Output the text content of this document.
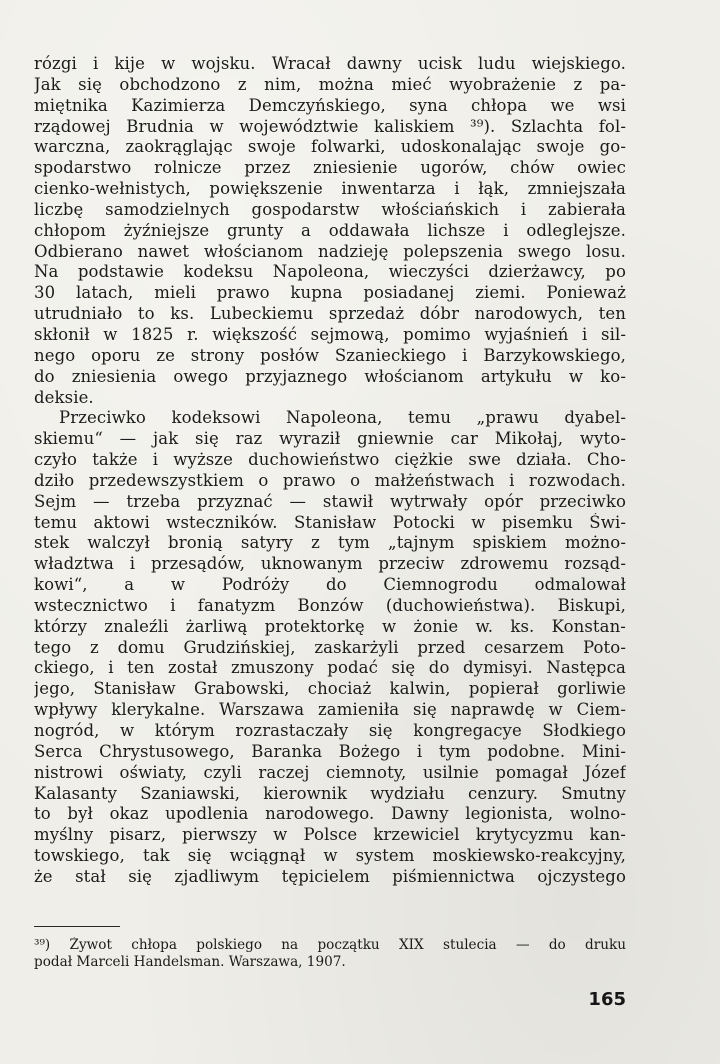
rózgi i kije w wojsku. Wracał dawny ucisk ludu wiejskiego.
Jak się obchodzono z nim, można mieć wyobrażenie z pa-
miętnika Kazimierza Demczyńskiego, syna chłopa we wsi
rządowej Brudnia w województwie kaliskiem ³⁹). Szlachta fol-
warczna, zaokrąglając swoje folwarki, udoskonalając swoje go-
spodarstwo rolnicze przez zniesienie ugorów, chów owiec
cienko-wełnistych, powiększenie inwentarza i łąk, zmniejszała
liczbę samodzielnych gospodarstw włościańskich i zabierała
chłopom żyźniejsze grunty a oddawała lichsze i odleglejsze.
Odbierano nawet włościanom nadzieję polepszenia swego losu.
Na podstawie kodeksu Napoleona, wieczyści dzierżawcy, po
30 latach, mieli prawo kupna posiadanej ziemi. Ponieważ
utrudniało to ks. Lubeckiemu sprzedaż dóbr narodowych, ten
skłonił w 1825 r. większość sejmową, pomimo wyjaśnień i sil-
nego oporu ze strony posłów Szanieckiego i Barzykowskiego,
do zniesienia owego przyjaznego włościanom artykułu w ko-
deksie.
Przeciwko kodeksowi Napoleona, temu „prawu dyabel-
skiemu“ — jak się raz wyraził gniewnie car Mikołaj, wyto-
czyło także i wyższe duchowieństwo ciężkie swe działa. Cho-
dziło przedewszystkiem o prawo o małżeństwach i rozwodach.
Sejm — trzeba przyznać — stawił wytrwały opór przeciwko
temu aktowi wsteczników. Stanisław Potocki w pisemku Świ-
stek walczył bronią satyry z tym „tajnym spiskiem możno-
władztwa i przesądów, uknowanym przeciw zdrowemu rozsąd-
kowi“, a w Podróży do Ciemnogrodu odmalował
wstecznictwo i fanatyzm Bonzów (duchowieństwa). Biskupi,
którzy znaleźli żarliwą protektorkę w żonie w. ks. Konstan-
tego z domu Grudzińskiej, zaskarżyli przed cesarzem Poto-
ckiego, i ten został zmuszony podać się do dymisyi. Następca
jego, Stanisław Grabowski, chociaż kalwin, popierał gorliwie
wpływy klerykalne. Warszawa zamieniła się naprawdę w Ciem-
nogród, w którym rozrastaczały się kongregacye Słodkiego
Serca Chrystusowego, Baranka Bożego i tym podobne. Mini-
nistrowi oświaty, czyli raczej ciemnoty, usilnie pomagał Józef
Kalasanty Szaniawski, kierownik wydziału cenzury. Smutny
to był okaz upodlenia narodowego. Dawny legionista, wolno-
myślny pisarz, pierwszy w Polsce krzewiciel krytycyzmu kan-
towskiego, tak się wciągnął w system moskiewsko-reakcyjny,
że stał się zjadliwym tępicielem piśmiennictwa ojczystego
³⁹) Żywot chłopa polskiego na początku XIX stulecia — do druku
podał Marceli Handelsman. Warszawa, 1907.
165
